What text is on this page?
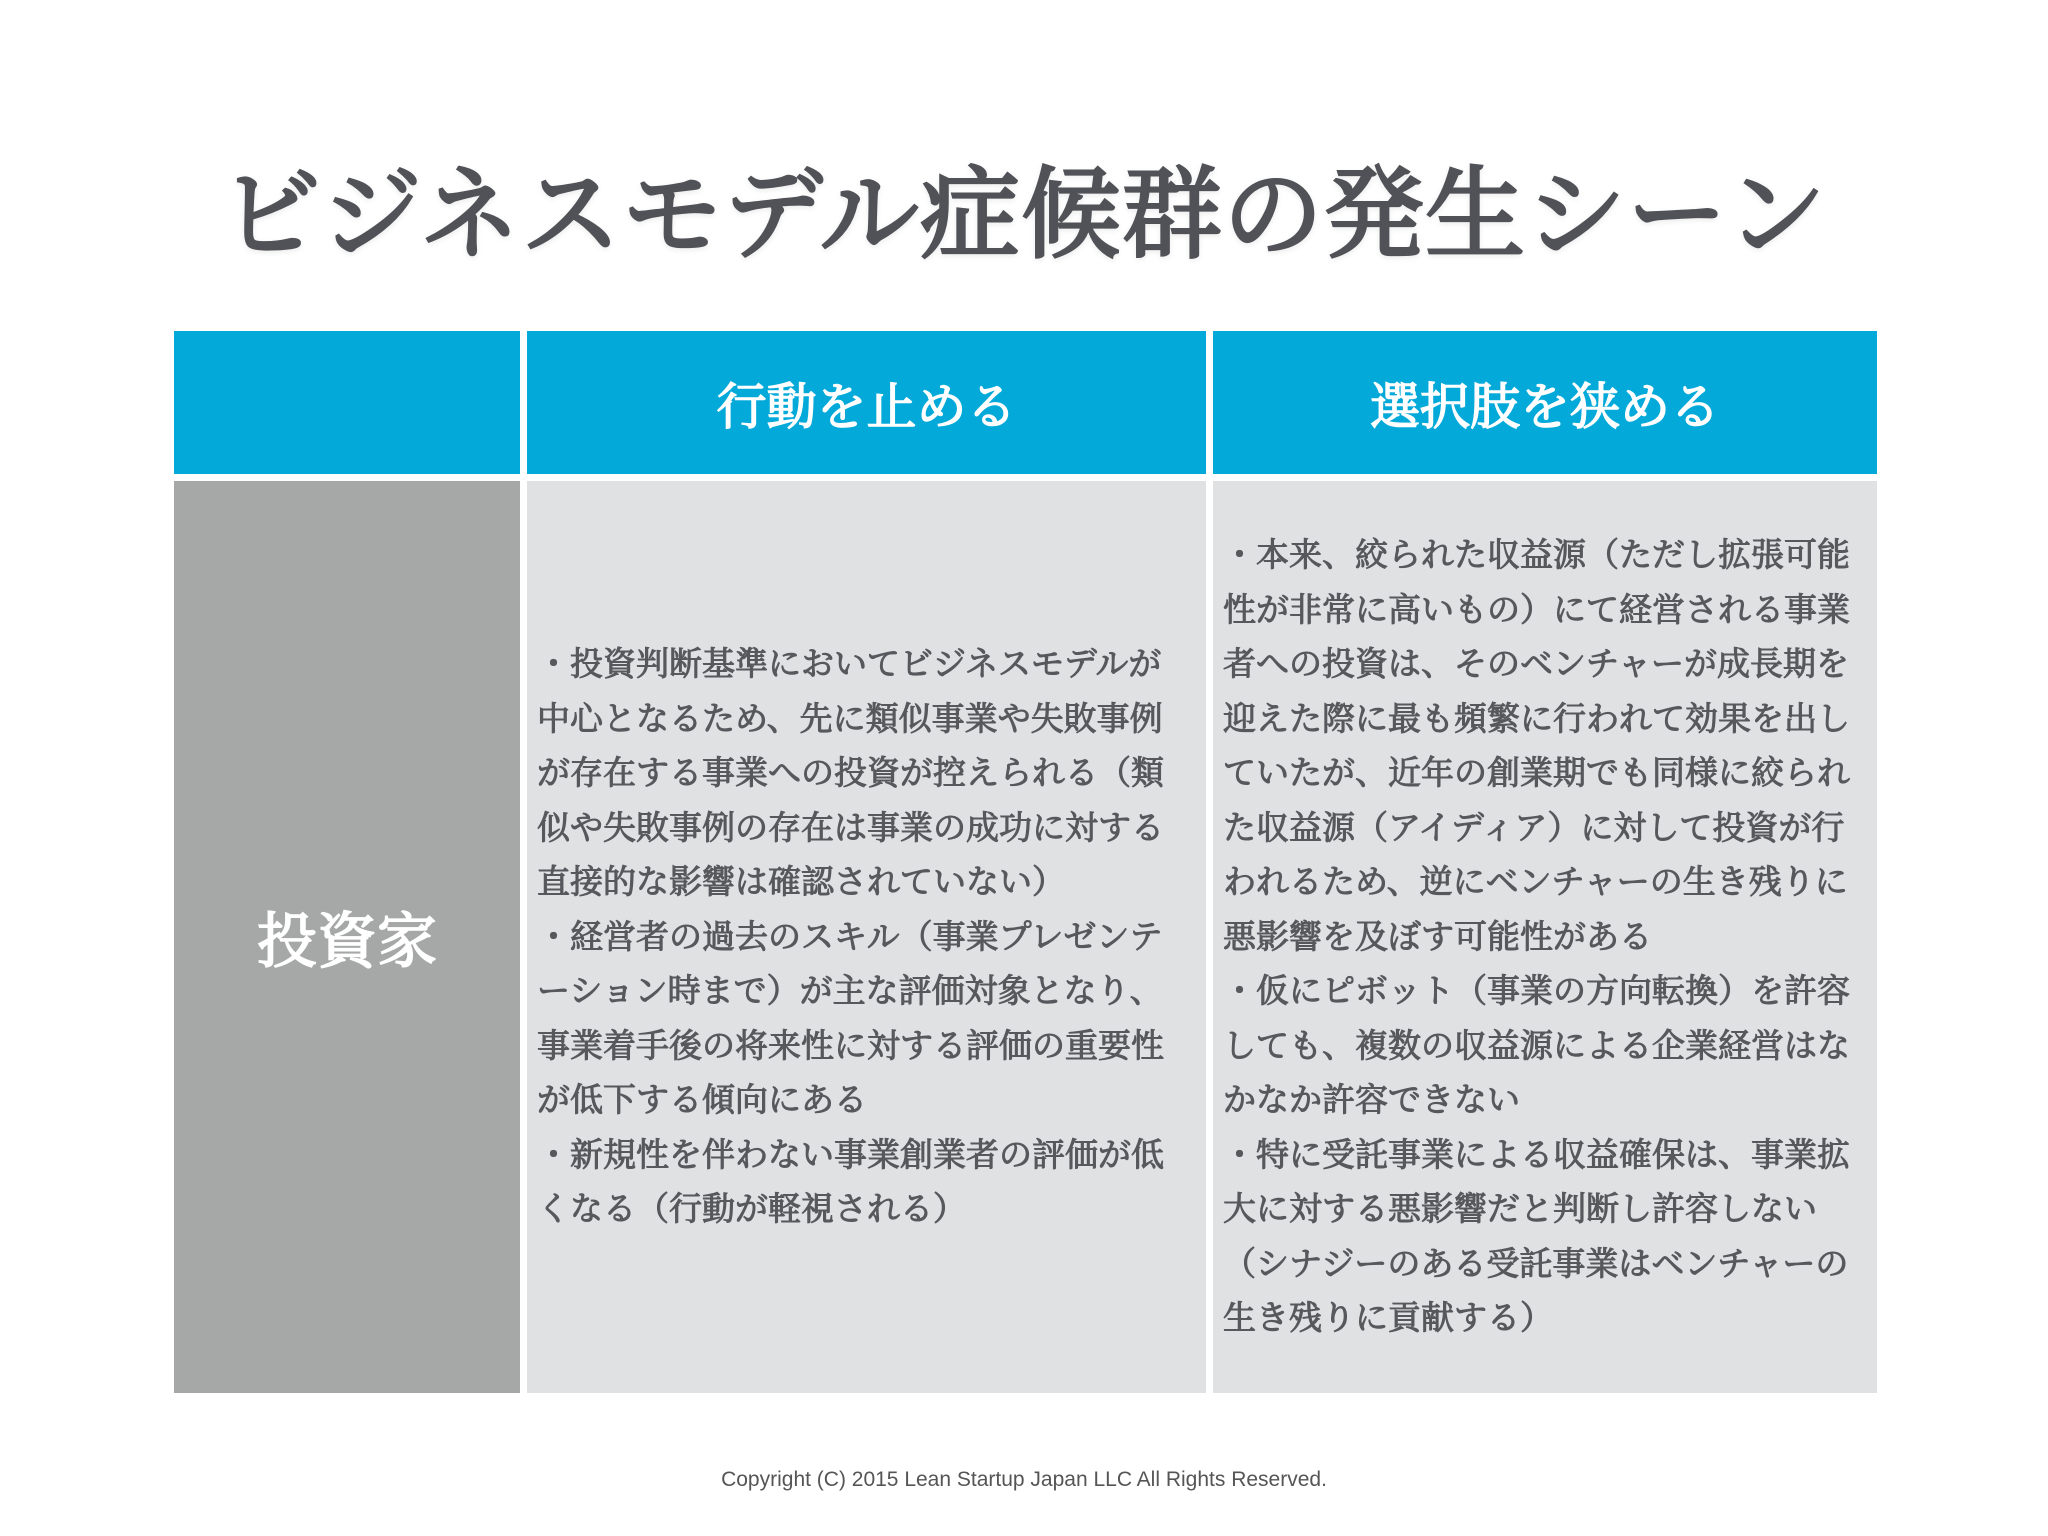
ビジネスモデル症候群の発生シーン
行動を止める	選択肢を狭める
投資家

・投資判断基準においてビジネスモデルが中心となるため、先に類似事業や失敗事例が存在する事業への投資が控えられる（類似や失敗事例の存在は事業の成功に対する直接的な影響は確認されていない）

・経営者の過去のスキル（事業プレゼンテーション時まで）が主な評価対象となり、事業着手後の将来性に対する評価の重要性が低下する傾向にある

・新規性を伴わない事業創業者の評価が低くなる（行動が軽視される）

・本来、絞られた収益源（ただし拡張可能性が非常に高いもの）にて経営される事業者への投資は、そのベンチャーが成長期を迎えた際に最も頻繁に行われて効果を出していたが、近年の創業期でも同様に絞られた収益源（アイディア）に対して投資が行われるため、逆にベンチャーの生き残りに悪影響を及ぼす可能性がある

・仮にピボット（事業の方向転換）を許容しても、複数の収益源による企業経営はなかなか許容できない

・特に受託事業による収益確保は、事業拡大に対する悪影響だと判断し許容しない（シナジーのある受託事業はベンチャーの生き残りに貢献する）

Copyright (C) 2015 Lean Startup Japan LLC All Rights Reserved.
